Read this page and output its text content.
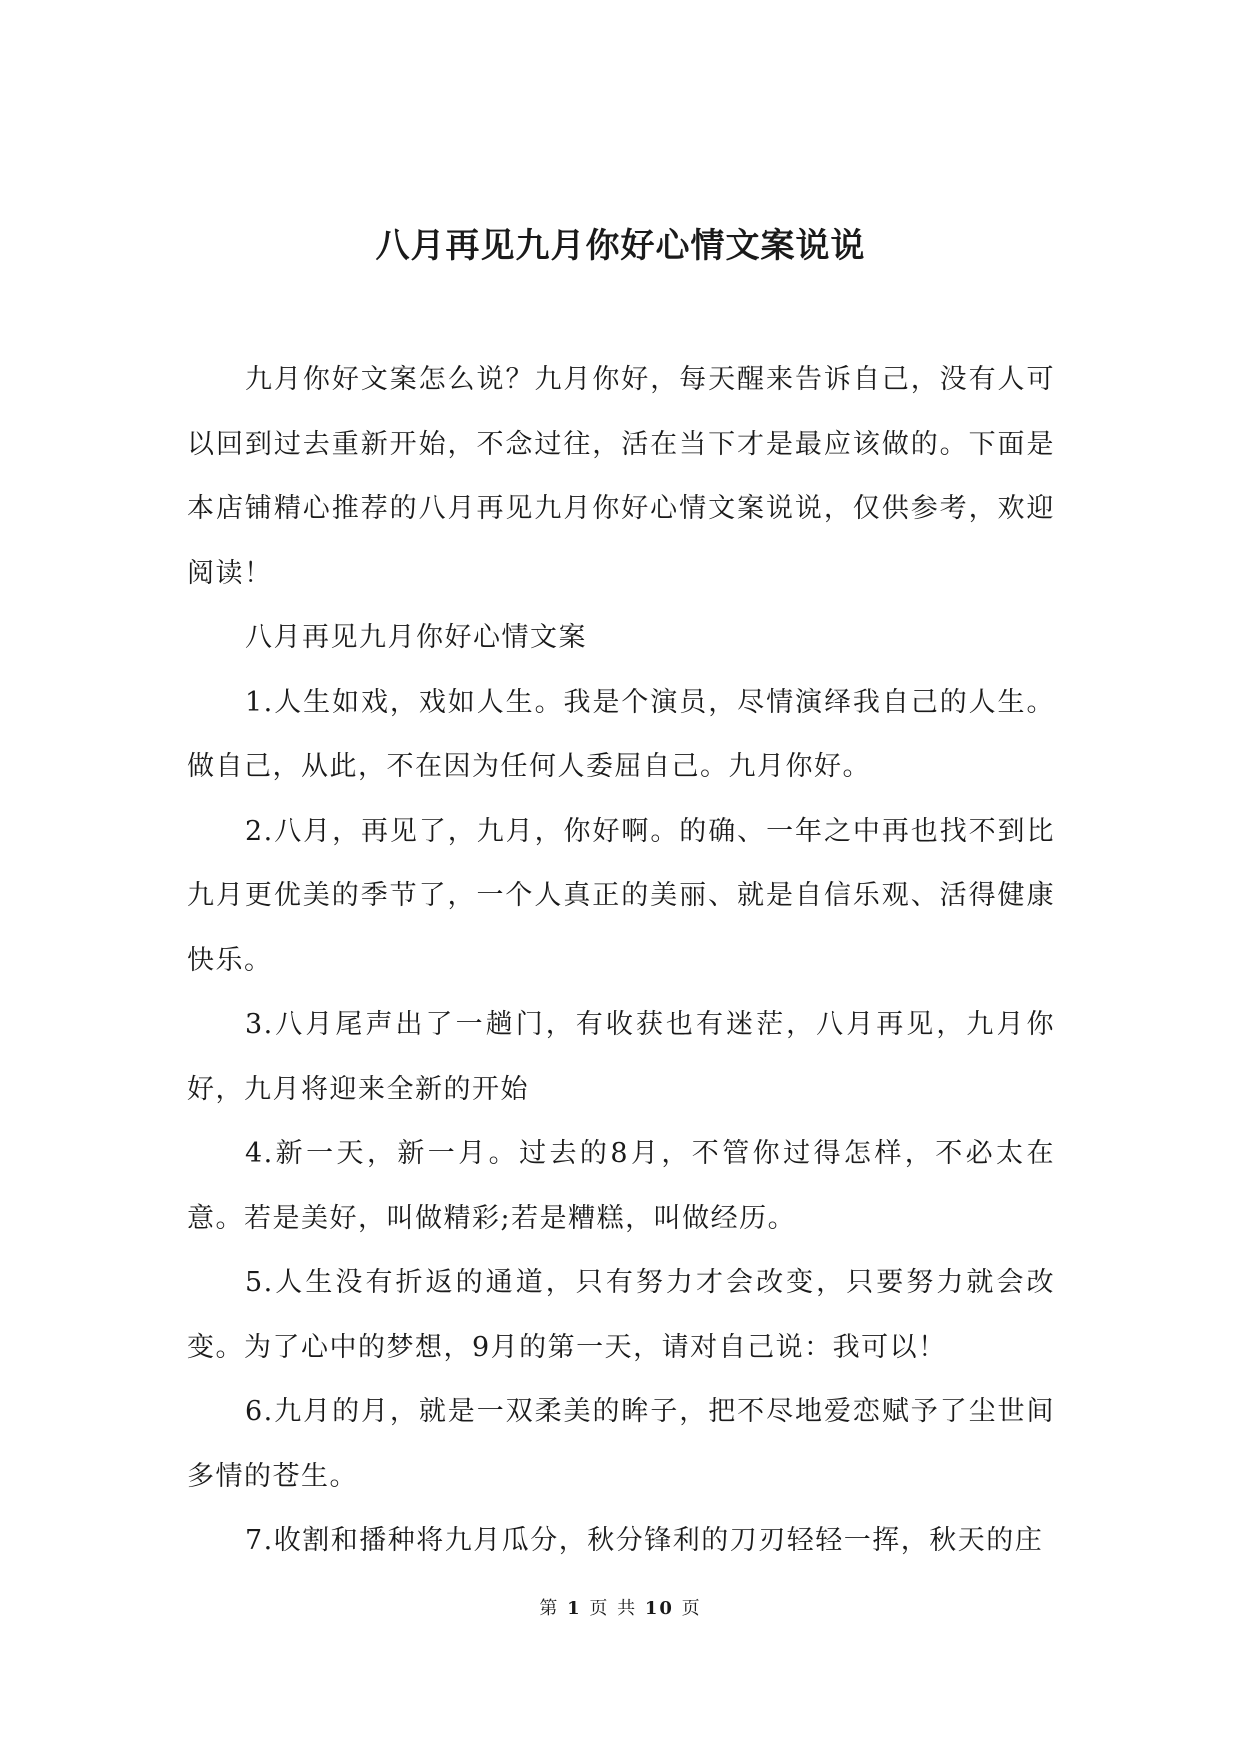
八月再见九月你好心情文案说说

九月你好文案怎么说？九月你好，每天醒来告诉自己，没有人可以回到过去重新开始，不念过往，活在当下才是最应该做的。下面是本店铺精心推荐的八月再见九月你好心情文案说说，仅供参考，欢迎阅读！

八月再见九月你好心情文案

1.人生如戏，戏如人生。我是个演员，尽情演绎我自己的人生。做自己，从此，不在因为任何人委屈自己。九月你好。

2.八月，再见了，九月，你好啊。的确、一年之中再也找不到比九月更优美的季节了，一个人真正的美丽、就是自信乐观、活得健康快乐。

3.八月尾声出了一趟门，有收获也有迷茫，八月再见，九月你好，九月将迎来全新的开始

4.新一天，新一月。过去的8月，不管你过得怎样，不必太在意。若是美好，叫做精彩;若是糟糕，叫做经历。

5.人生没有折返的通道，只有努力才会改变，只要努力就会改变。为了心中的梦想，9月的第一天，请对自己说：我可以！

6.九月的月，就是一双柔美的眸子，把不尽地爱恋赋予了尘世间多情的苍生。

7.收割和播种将九月瓜分，秋分锋利的刀刃轻轻一挥，秋天的庄

第 1 页 共 10 页
